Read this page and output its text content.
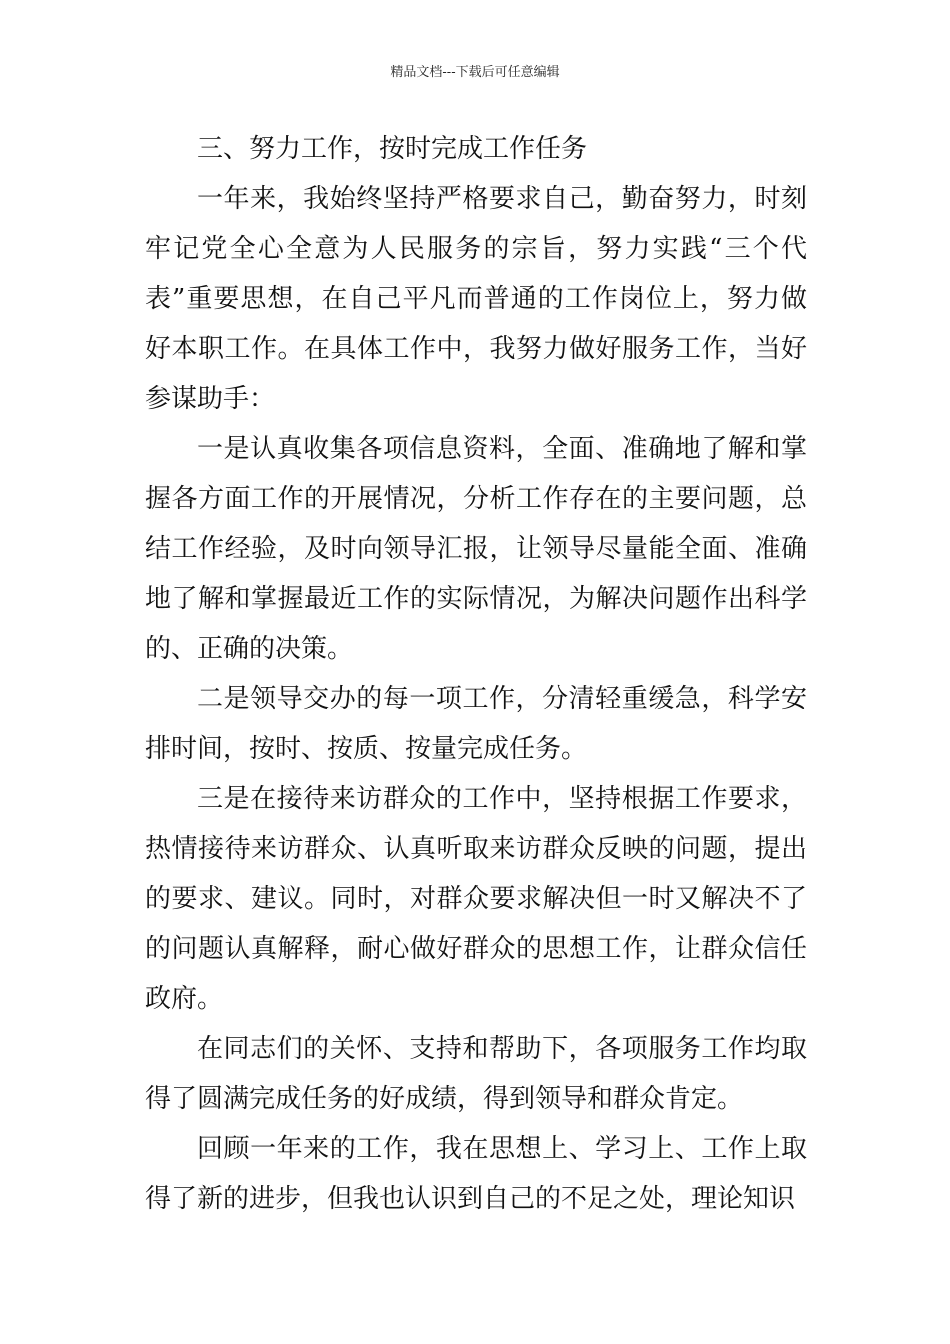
精品文档---下载后可任意编辑

三、努力工作，按时完成工作任务

一年来，我始终坚持严格要求自己，勤奋努力，时刻牢记党全心全意为人民服务的宗旨，努力实践“三个代表”重要思想，在自己平凡而普通的工作岗位上，努力做好本职工作。在具体工作中，我努力做好服务工作，当好参谋助手：

一是认真收集各项信息资料，全面、准确地了解和掌握各方面工作的开展情况，分析工作存在的主要问题，总结工作经验，及时向领导汇报，让领导尽量能全面、准确地了解和掌握最近工作的实际情况，为解决问题作出科学的、正确的决策。

二是领导交办的每一项工作，分清轻重缓急，科学安排时间，按时、按质、按量完成任务。

三是在接待来访群众的工作中，坚持根据工作要求，热情接待来访群众、认真听取来访群众反映的问题，提出的要求、建议。同时，对群众要求解决但一时又解决不了的问题认真解释，耐心做好群众的思想工作，让群众信任政府。

在同志们的关怀、支持和帮助下，各项服务工作均取得了圆满完成任务的好成绩，得到领导和群众肯定。

回顾一年来的工作，我在思想上、学习上、工作上取得了新的进步，但我也认识到自己的不足之处，理论知识
